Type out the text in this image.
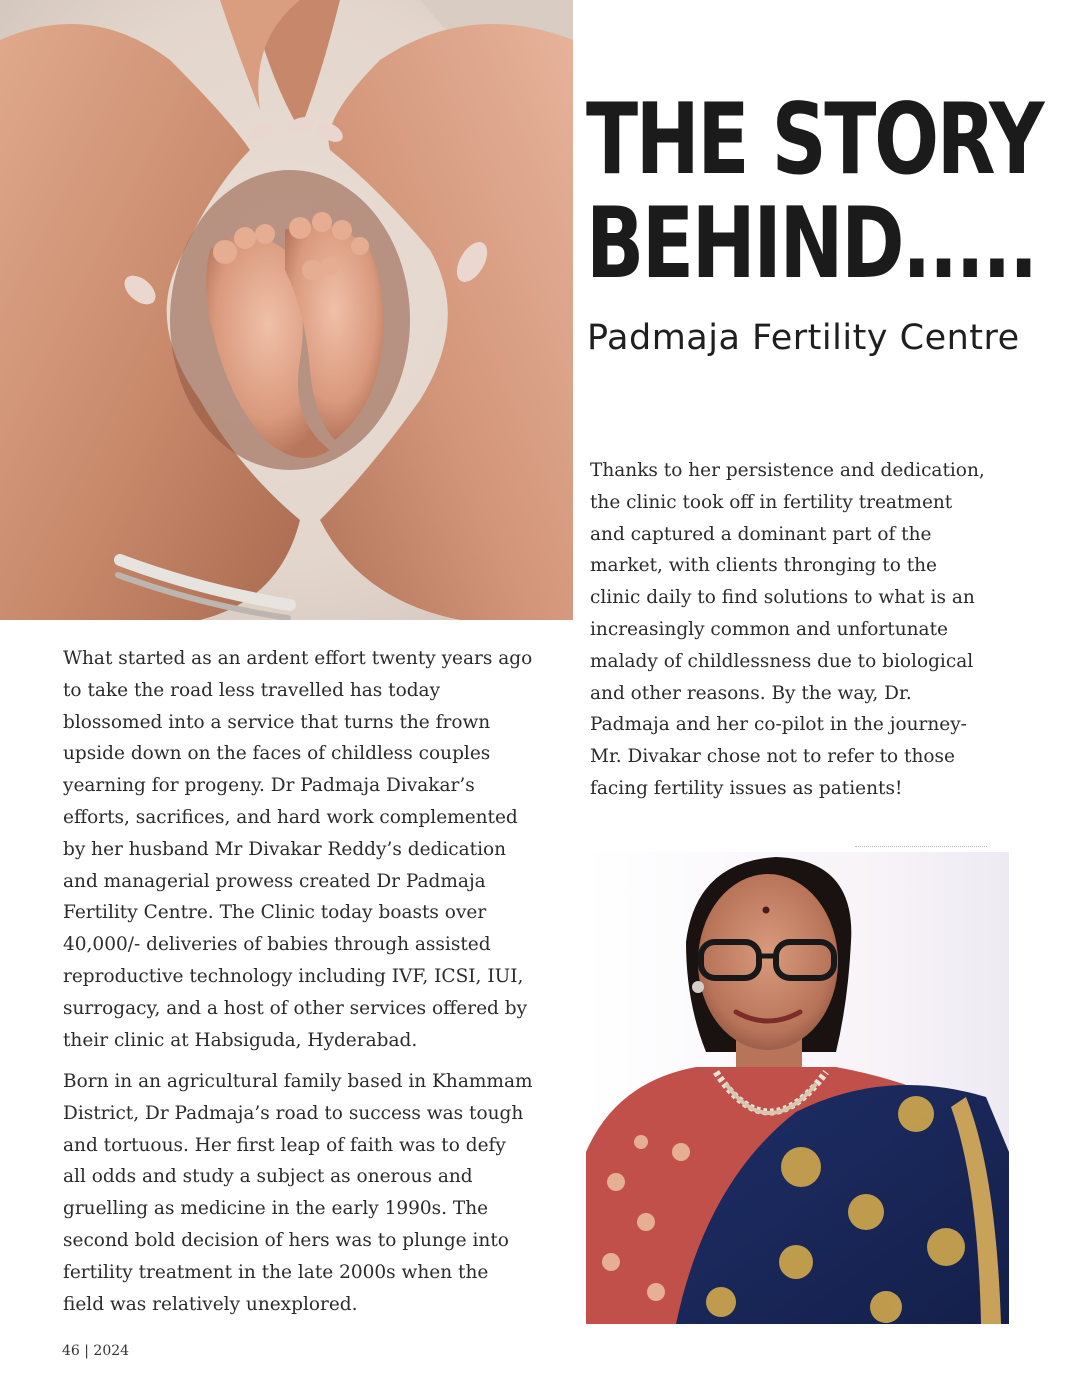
THE STORY
BEHIND.....
Padmaja Fertility Centre

Thanks to her persistence and dedication, the clinic took off in fertility treatment and captured a dominant part of the market, with clients thronging to the clinic daily to find solutions to what is an increasingly common and unfortunate malady of childlessness due to biological and other reasons. By the way, Dr. Padmaja and her co-pilot in the journey- Mr. Divakar chose not to refer to those facing fertility issues as patients!

What started as an ardent effort twenty years ago to take the road less travelled has today blossomed into a service that turns the frown upside down on the faces of childless couples yearning for progeny. Dr Padmaja Divakar’s efforts, sacrifices, and hard work complemented by her husband Mr Divakar Reddy’s dedication and managerial prowess created Dr Padmaja Fertility Centre. The Clinic today boasts over 40,000/- deliveries of babies through assisted reproductive technology including IVF, ICSI, IUI, surrogacy, and a host of other services offered by their clinic at Habsiguda, Hyderabad.

Born in an agricultural family based in Khammam District, Dr Padmaja’s road to success was tough and tortuous. Her first leap of faith was to defy all odds and study a subject as onerous and gruelling as medicine in the early 1990s. The second bold decision of hers was to plunge into fertility treatment in the late 2000s when the field was relatively unexplored.

46 | 2024
